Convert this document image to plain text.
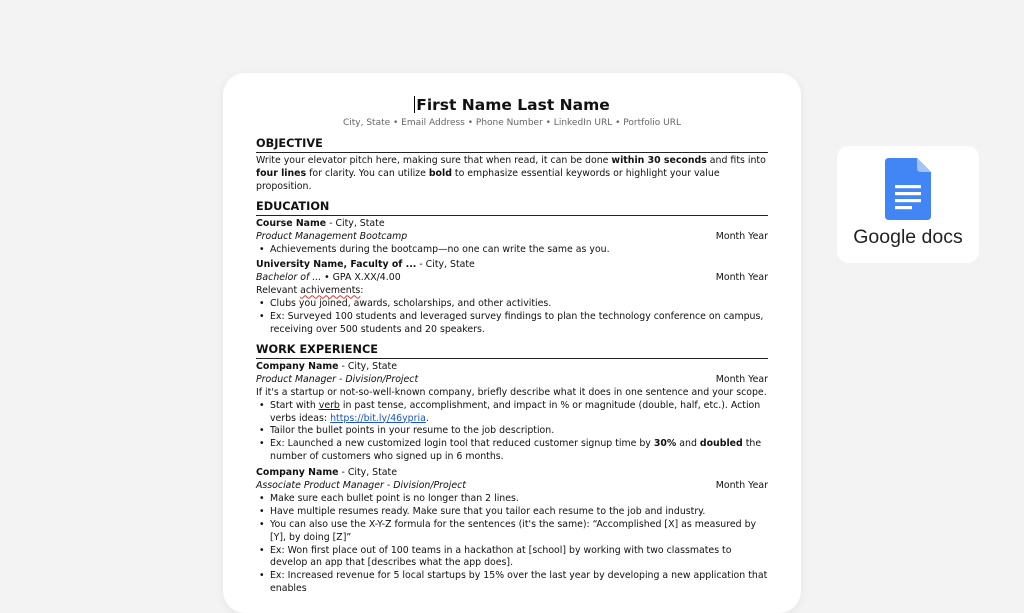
First Name Last Name
City, State • Email Address • Phone Number • LinkedIn URL • Portfolio URL
OBJECTIVE

Write your elevator pitch here, making sure that when read, it can be done within 30 seconds and fits into four lines for clarity. You can utilize bold to emphasize essential keywords or highlight your value proposition.

EDUCATION
Course Name - City, State
Product Management Bootcamp	Month Year
• Achievements during the bootcamp—no one can write the same as you.
University Name, Faculty of ... - City, State
Bachelor of ... • GPA X.XX/4.00	Month Year
Relevant achivements:
• Clubs you joined, awards, scholarships, and other activities.
• Ex: Surveyed 100 students and leveraged survey findings to plan the technology conference on campus, receiving over 500 students and 20 speakers.
WORK EXPERIENCE
Company Name - City, State
Product Manager - Division/Project	Month Year

If it's a startup or not-so-well-known company, briefly describe what it does in one sentence and your scope.

• Start with verb in past tense, accomplishment, and impact in % or magnitude (double, half, etc.). Action verbs ideas: https://bit.ly/46ypria.
• Tailor the bullet points in your resume to the job description.
• Ex: Launched a new customized login tool that reduced customer signup time by 30% and doubled the number of customers who signed up in 6 months.
Company Name - City, State
Associate Product Manager - Division/Project	Month Year
• Make sure each bullet point is no longer than 2 lines.
• Have multiple resumes ready. Make sure that you tailor each resume to the job and industry.
• You can also use the X-Y-Z formula for the sentences (it's the same): “Accomplished [X] as measured by [Y], by doing [Z]”
• Ex: Won first place out of 100 teams in a hackathon at [school] by working with two classmates to develop an app that [describes what the app does].
• Ex: Increased revenue for 5 local startups by 15% over the last year by developing a new application that enables
Google docs
